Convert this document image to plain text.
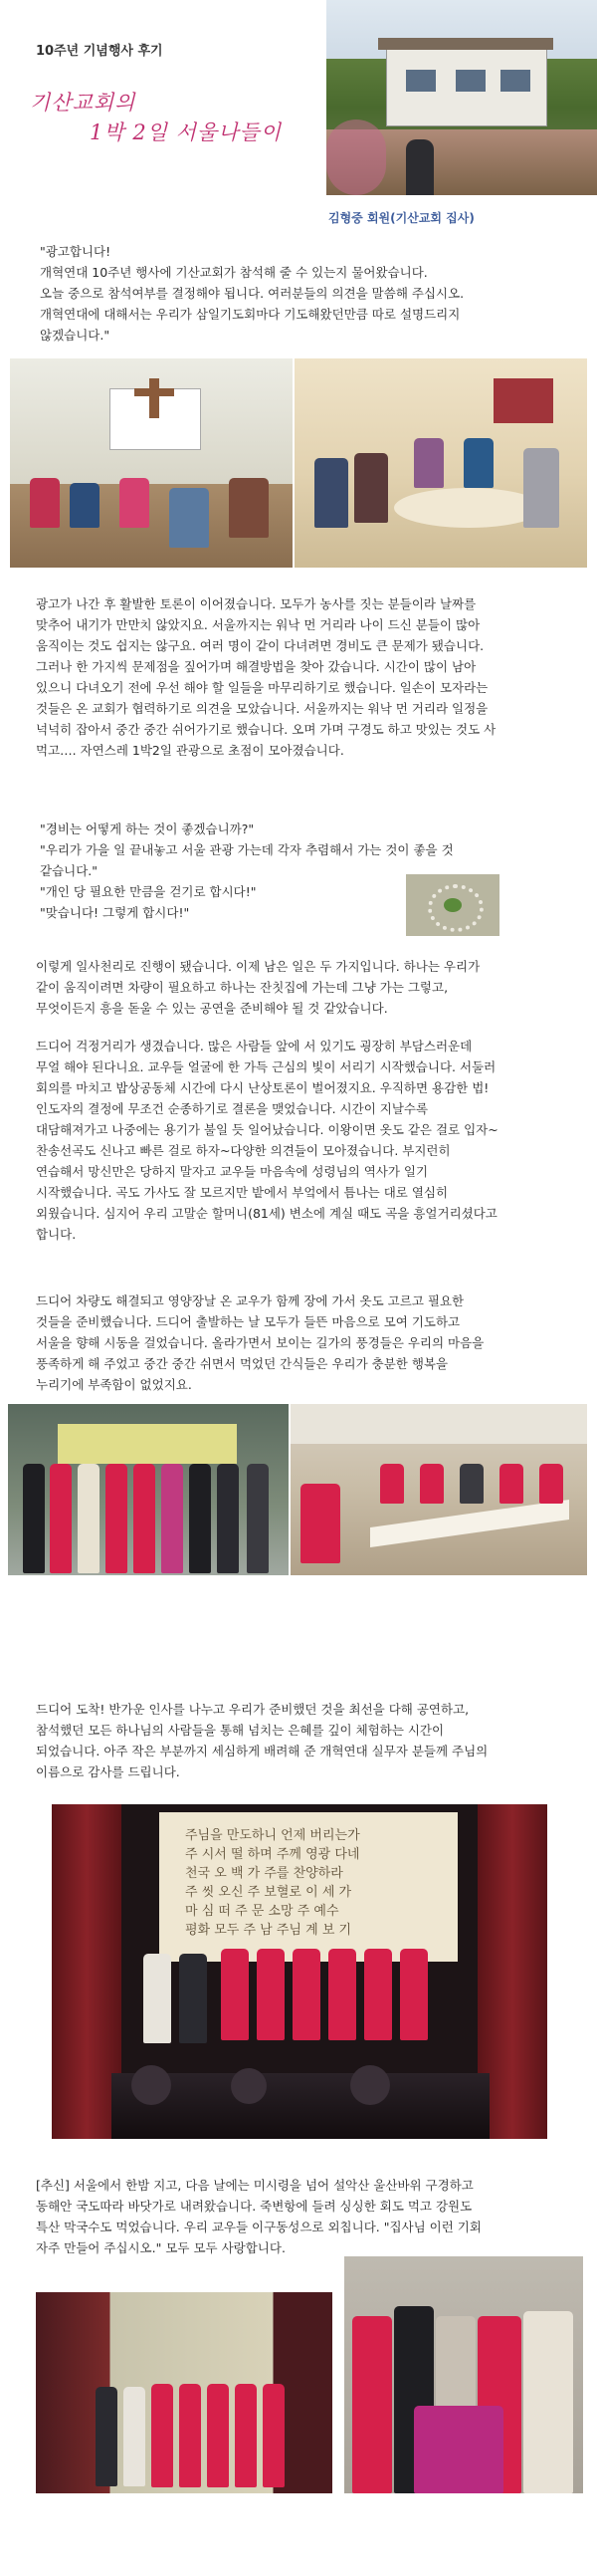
10주년 기념행사 후기
기산교회의
1박 2일 서울나들이
김형중 회원(기산교회 집사)

"광고합니다!
개혁연대 10주년 행사에 기산교회가 참석해 줄 수 있는지 물어왔습니다.
오늘 중으로 참석여부를 결정해야 됩니다. 여러분들의 의견을 말씀해 주십시오.
개혁연대에 대해서는 우리가 삼일기도회마다 기도해왔던만큼 따로 설명드리지
않겠습니다."

광고가 나간 후 활발한 토론이 이어졌습니다. 모두가 농사를 짓는 분들이라 날짜를
맞추어 내기가 만만치 않았지요. 서울까지는 워낙 먼 거리라 나이 드신 분들이 많아
움직이는 것도 쉽지는 않구요. 여러 명이 같이 다녀려면 경비도 큰 문제가 됐습니다.
그러나 한 가지씩 문제점을 짚어가며 해결방법을 찾아 갔습니다. 시간이 많이 남아
있으니 다녀오기 전에 우선 해야 할 일들을 마무리하기로 했습니다. 일손이 모자라는
것들은 온 교회가 협력하기로 의견을 모았습니다. 서울까지는 워낙 먼 거리라 일정을
넉넉히 잡아서 중간 중간 쉬어가기로 했습니다. 오며 가며 구경도 하고 맛있는 것도 사
먹고…. 자연스레 1박2일 관광으로 초점이 모아졌습니다.

"경비는 어떻게 하는 것이 좋겠습니까?"
"우리가 가을 일 끝내놓고 서울 관광 가는데 각자 추렴해서 가는 것이 좋을 것
같습니다."
"개인 당 필요한 만큼을 걷기로 합시다!"
"맞습니다! 그렇게 합시다!"

이렇게 일사천리로 진행이 됐습니다. 이제 남은 일은 두 가지입니다. 하나는 우리가
같이 움직이려면 차량이 필요하고 하나는 잔칫집에 가는데 그냥 가는 그렇고,
무엇이든지 흥을 돋울 수 있는 공연을 준비해야 될 것 같았습니다.

드디어 걱정거리가 생겼습니다. 많은 사람들 앞에 서 있기도 굉장히 부담스러운데
무얼 해야 된다니요. 교우들 얼굴에 한 가득 근심의 빛이 서리기 시작했습니다. 서둘러
회의를 마치고 밥상공동체 시간에 다시 난상토론이 벌어졌지요. 우직하면 용감한 법!
인도자의 결정에 무조건 순종하기로 결론을 맺었습니다. 시간이 지날수록
대담해져가고 나중에는 용기가 불일 듯 일어났습니다. 이왕이면 옷도 같은 걸로 입자~
찬송선곡도 신나고 빠른 걸로 하자~다양한 의견들이 모아졌습니다. 부지런히
연습해서 망신만은 당하지 말자고 교우들 마음속에 성령님의 역사가 일기
시작했습니다. 곡도 가사도 잘 모르지만 밭에서 부엌에서 틈나는 대로 열심히
외웠습니다. 심지어 우리 고말순 할머니(81세) 변소에 계실 때도 곡을 흥얼거리셨다고
합니다.

드디어 차량도 해결되고 영양장날 온 교우가 함께 장에 가서 옷도 고르고 필요한
것들을 준비했습니다. 드디어 출발하는 날 모두가 들뜬 마음으로 모여 기도하고
서울을 향해 시동을 걸었습니다. 올라가면서 보이는 길가의 풍경들은 우리의 마음을
풍족하게 해 주었고 중간 중간 쉬면서 먹었던 간식들은 우리가 충분한 행복을
누리기에 부족함이 없었지요.

드디어 도착! 반가운 인사를 나누고 우리가 준비했던 것을 최선을 다해 공연하고,
참석했던 모든 하나님의 사람들을 통해 넘치는 은혜를 깊이 체험하는 시간이
되었습니다. 아주 작은 부분까지 세심하게 배려해 준 개혁연대 실무자 분들께 주님의
이름으로 감사를 드립니다.

주님을 만도하니 언제 버리는가
주 시서 떨 하며 주께 영광 다네
천국 오 백 가 주를 찬양하라
주 씻 오신 주 보혈로 이 세 가
마 심 떠 주 문 소망 주 예수
평화 모두 주 남 주님 계 보 기

[추신] 서울에서 한밤 지고, 다음 날에는 미시령을 넘어 설악산 울산바위 구경하고
동해안 국도따라 바닷가로 내려왔습니다. 죽변항에 들려 싱싱한 회도 먹고 강원도
특산 막국수도 먹었습니다. 우리 교우들 이구동성으로 외칩니다. "집사님 이런 기회
자주 만들어 주십시오." 모두 모두 사랑합니다.
